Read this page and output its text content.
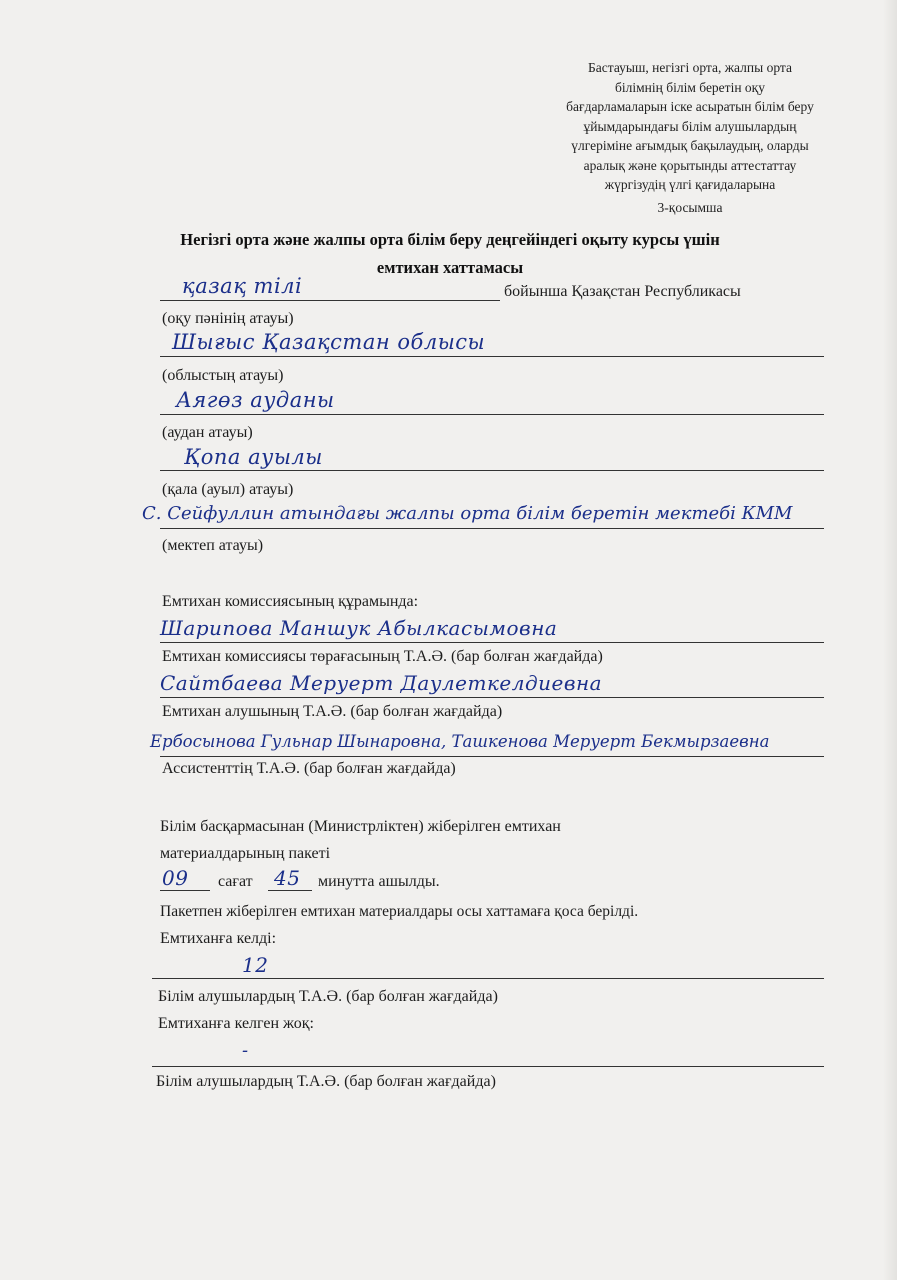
Бастауыш, негізгі орта, жалпы орта
білімнің білім беретін оқу
бағдарламаларын іске асыратын білім беру
ұйымдарындағы білім алушылардың
үлгеріміне ағымдық бақылаудың, оларды
аралық және қорытынды аттестаттау
жүргізудің үлгі қағидаларына
3-қосымша
Негізгі орта және жалпы орта білім беру деңгейіндегі оқыту курсы үшін
емтихан хаттамасы
қазақ тілі	бойынша Қазақстан Республикасы
(оқу пәнінің атауы)
Шығыс Қазақстан облысы
(облыстың атауы)
Аягөз ауданы
(аудан атауы)
Қопа ауылы
(қала (ауыл) атауы)
С. Сейфуллин атындағы жалпы орта білім беретін мектебі КММ
(мектеп атауы)
Емтихан комиссиясының құрамында:
Шарипова Маншук Абылкасымовна
Емтихан комиссиясы төрағасының Т.А.Ә. (бар болған жағдайда)
Сайтбаева Меруерт Даулеткелдиевна
Емтихан алушының Т.А.Ә. (бар болған жағдайда)
Ербосынова Гульнар Шынаровна, Ташкенова Меруерт Бекмырзаевна
Ассистенттің Т.А.Ә. (бар болған жағдайда)
Білім басқармасынан (Министрліктен) жіберілген емтихан
материалдарының пакеті
09 сағат 45 минутта ашылды.
Пакетпен жіберілген емтихан материалдары осы хаттамаға қоса берілді.
Емтиханға келді:
12
Білім алушылардың Т.А.Ә. (бар болған жағдайда)
Емтиханға келген жоқ:
-
Білім алушылардың Т.А.Ә. (бар болған жағдайда)
